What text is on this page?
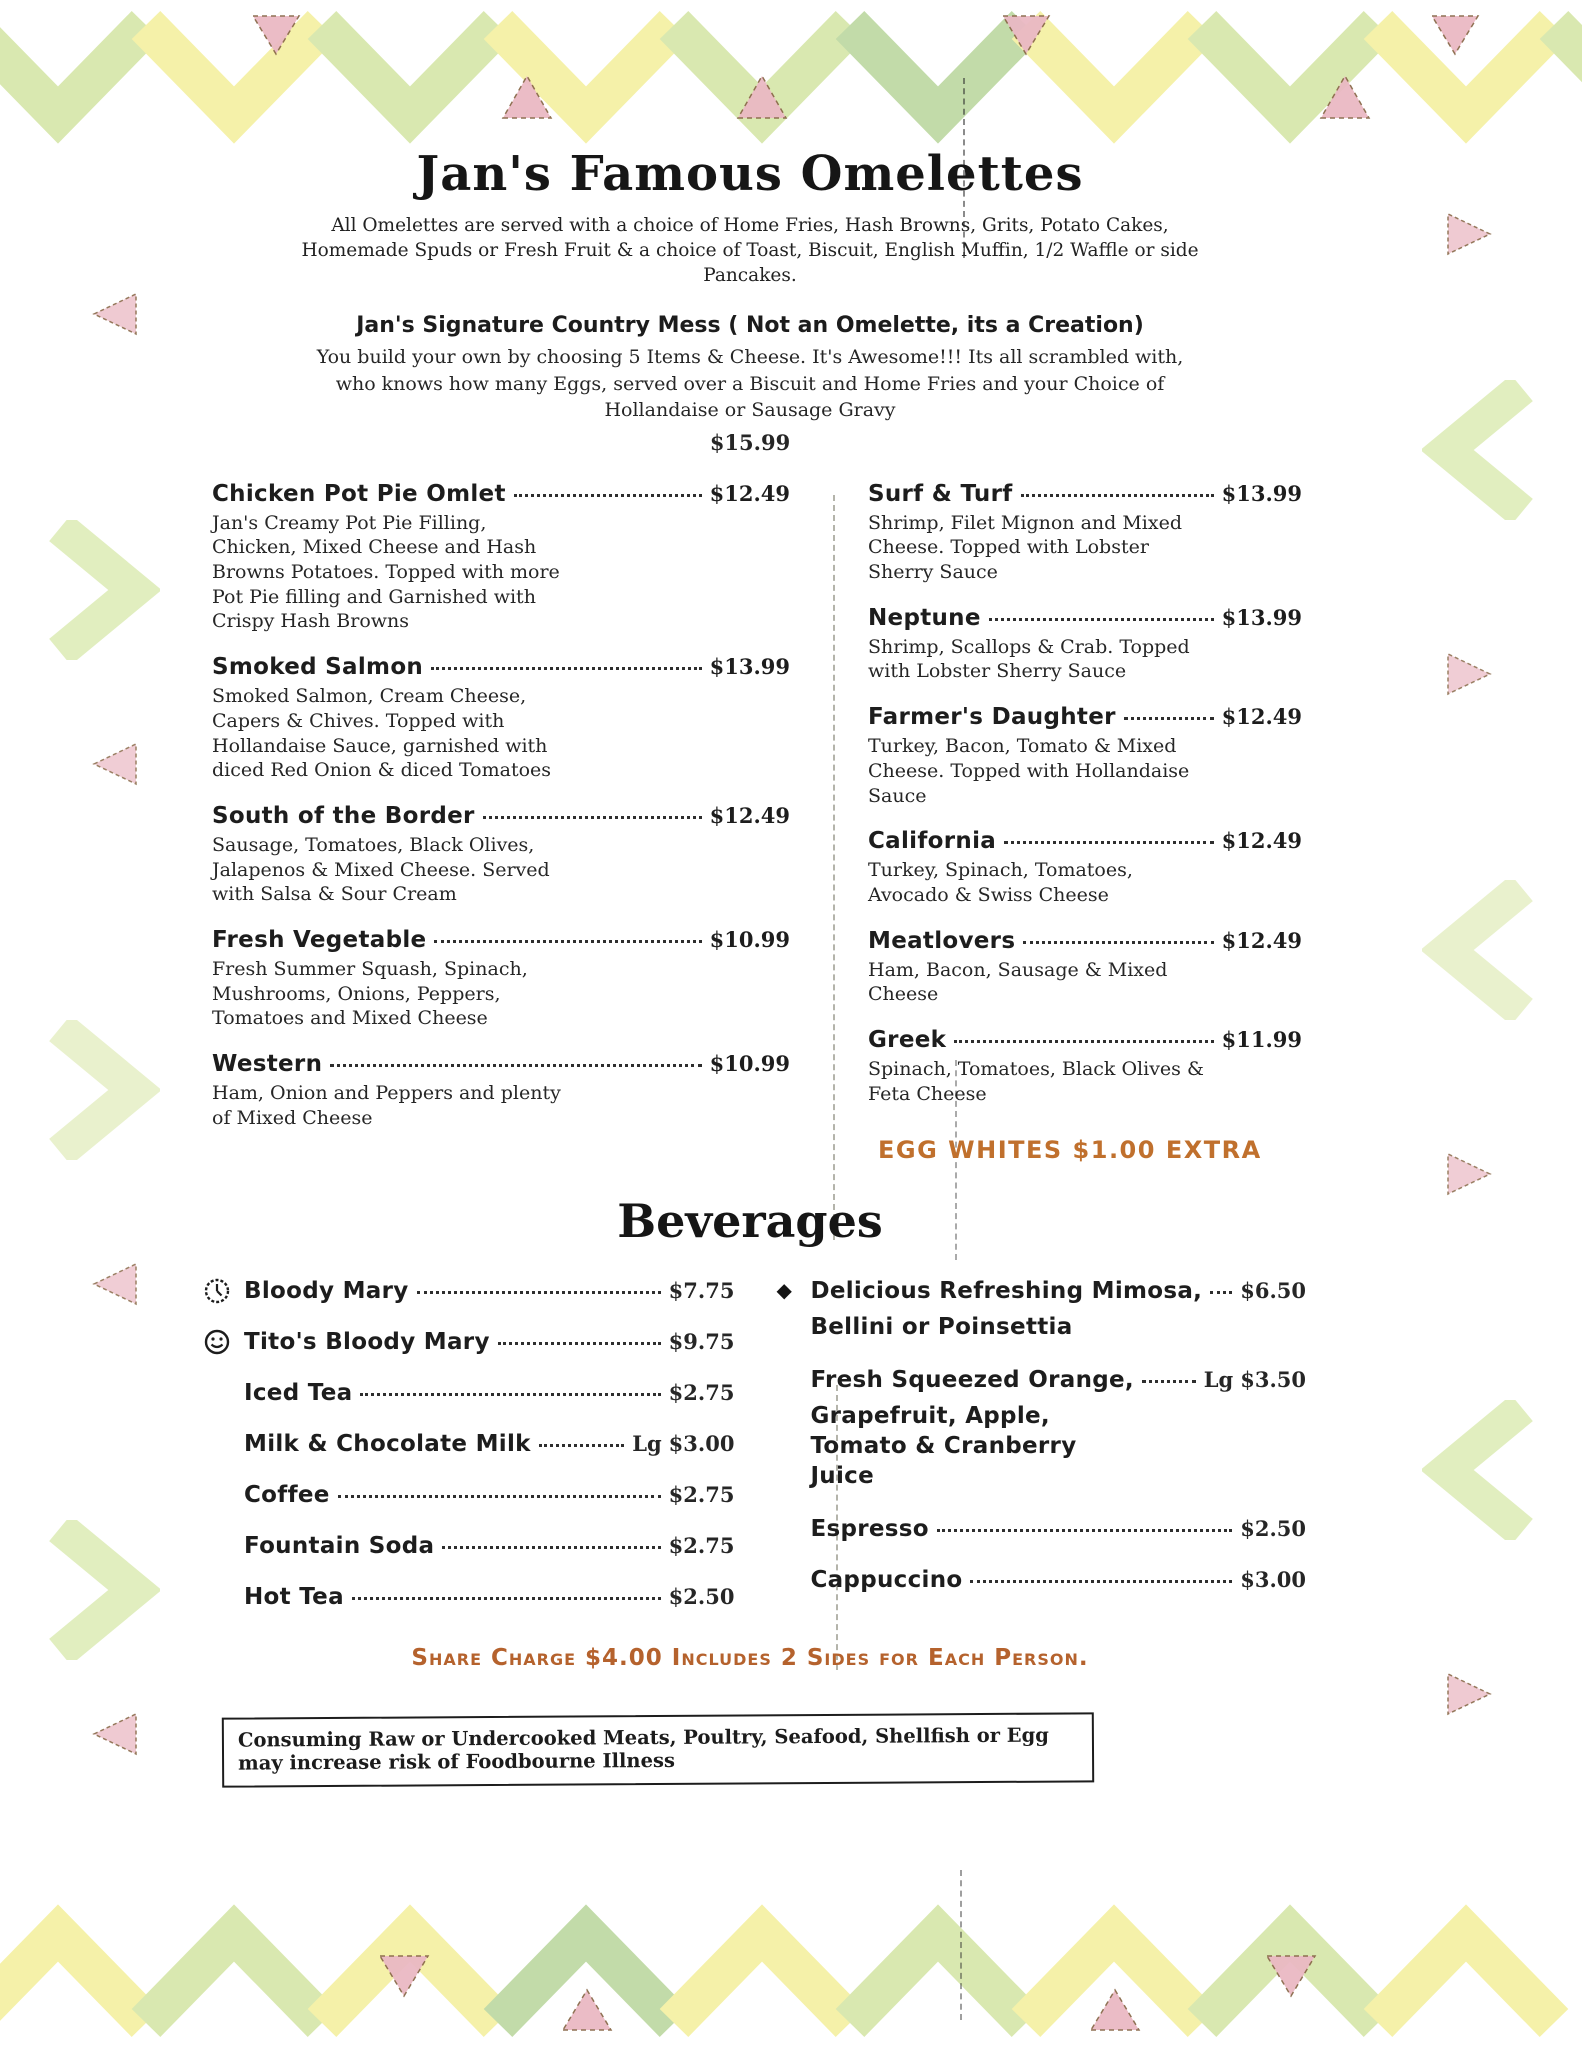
Jan's Famous Omelettes
All Omelettes are served with a choice of Home Fries, Hash Browns, Grits, Potato Cakes, Homemade Spuds or Fresh Fruit & a choice of Toast, Biscuit, English Muffin, 1/2 Waffle or side Pancakes.
Jan's Signature Country Mess ( Not an Omelette, its a Creation)
You build your own by choosing 5 Items & Cheese. It's Awesome!!! Its all scrambled with, who knows how many Eggs, served over a Biscuit and Home Fries and your Choice of Hollandaise or Sausage Gravy
$15.99
Chicken Pot Pie Omlet	$12.49
Jan's Creamy Pot Pie Filling, Chicken, Mixed Cheese and Hash Browns Potatoes. Topped with more Pot Pie filling and Garnished with Crispy Hash Browns
Smoked Salmon	$13.99
Smoked Salmon, Cream Cheese, Capers & Chives. Topped with Hollandaise Sauce, garnished with diced Red Onion & diced Tomatoes
South of the Border	$12.49
Sausage, Tomatoes, Black Olives, Jalapenos & Mixed Cheese. Served with Salsa & Sour Cream
Fresh Vegetable	$10.99
Fresh Summer Squash, Spinach, Mushrooms, Onions, Peppers, Tomatoes and Mixed Cheese
Western	$10.99
Ham, Onion and Peppers and plenty of Mixed Cheese
Surf & Turf	$13.99
Shrimp, Filet Mignon and Mixed Cheese. Topped with Lobster Sherry Sauce
Neptune	$13.99
Shrimp, Scallops & Crab. Topped with Lobster Sherry Sauce
Farmer's Daughter	$12.49
Turkey, Bacon, Tomato & Mixed Cheese. Topped with Hollandaise Sauce
California	$12.49
Turkey, Spinach, Tomatoes, Avocado & Swiss Cheese
Meatlovers	$12.49
Ham, Bacon, Sausage & Mixed Cheese
Greek	$11.99
Spinach, Tomatoes, Black Olives & Feta Cheese
EGG WHITES $1.00 EXTRA
Beverages
Bloody Mary	$7.75
Tito's Bloody Mary	$9.75
Iced Tea	$2.75
Milk & Chocolate Milk	Lg $3.00
Coffee	$2.75
Fountain Soda	$2.75
Hot Tea	$2.50
◆ Delicious Refreshing Mimosa, $6.50
Bellini or Poinsettia
Fresh Squeezed Orange,	Lg $3.50
Grapefruit, Apple, Tomato & Cranberry Juice
Espresso	$2.50
Cappuccino	$3.00
Share Charge $4.00 Includes 2 Sides for Each Person.
Consuming Raw or Undercooked Meats, Poultry, Seafood, Shellfish or Egg may increase risk of Foodbourne Illness
